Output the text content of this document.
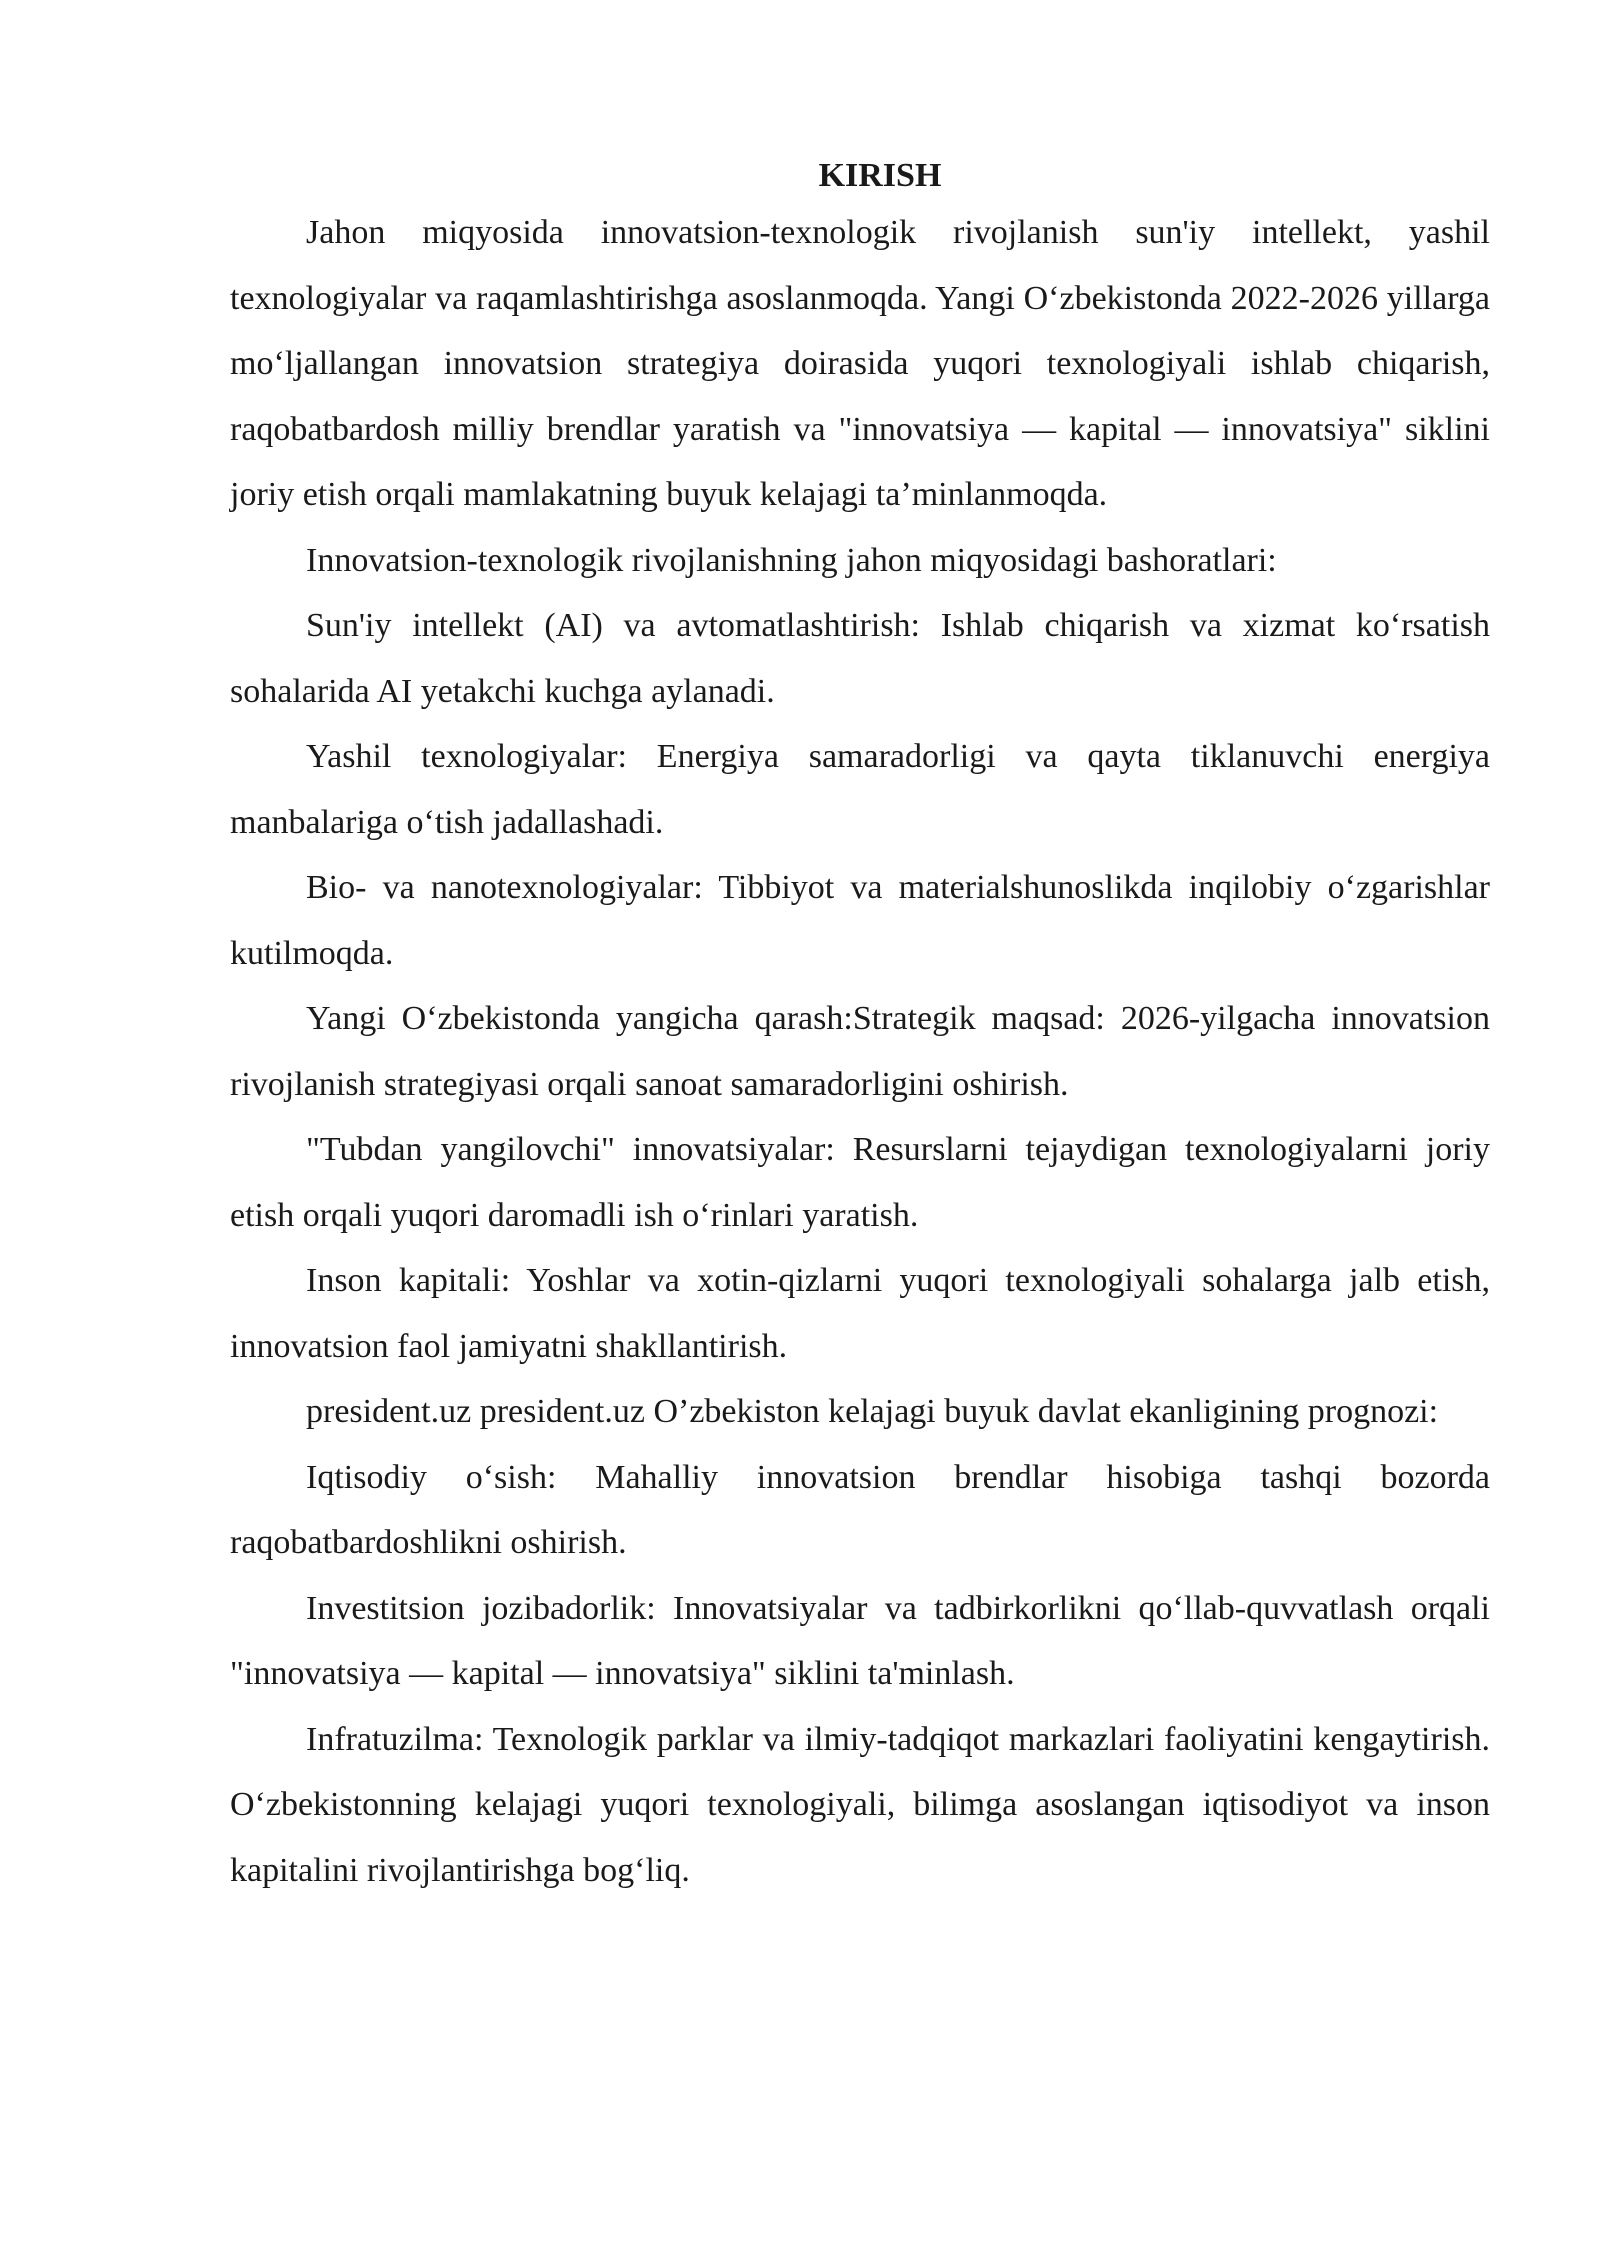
KIRISH

Jahon miqyosida innovatsion-texnologik rivojlanish sun'iy intellekt, yashil texnologiyalar va raqamlashtirishga asoslanmoqda. Yangi O‘zbekistonda 2022-2026 yillarga mo‘ljallangan innovatsion strategiya doirasida yuqori texnologiyali ishlab chiqarish, raqobatbardosh milliy brendlar yaratish va "innovatsiya — kapital — innovatsiya" siklini joriy etish orqali mamlakatning buyuk kelajagi ta’minlanmoqda.

Innovatsion-texnologik rivojlanishning jahon miqyosidagi bashoratlari:

Sun'iy intellekt (AI) va avtomatlashtirish: Ishlab chiqarish va xizmat ko‘rsatish sohalarida AI yetakchi kuchga aylanadi.

Yashil texnologiyalar: Energiya samaradorligi va qayta tiklanuvchi energiya manbalariga o‘tish jadallashadi.

Bio- va nanotexnologiyalar: Tibbiyot va materialshunoslikda inqilobiy o‘zgarishlar kutilmoqda.

Yangi O‘zbekistonda yangicha qarash:Strategik maqsad: 2026-yilgacha innovatsion rivojlanish strategiyasi orqali sanoat samaradorligini oshirish.

"Tubdan yangilovchi" innovatsiyalar: Resurslarni tejaydigan texnologiyalarni joriy etish orqali yuqori daromadli ish o‘rinlari yaratish.

Inson kapitali: Yoshlar va xotin-qizlarni yuqori texnologiyali sohalarga jalb etish, innovatsion faol jamiyatni shakllantirish.

president.uz president.uz O’zbekiston kelajagi buyuk davlat ekanligining prognozi:

Iqtisodiy o‘sish: Mahalliy innovatsion brendlar hisobiga tashqi bozorda raqobatbardoshlikni oshirish.

Investitsion jozibadorlik: Innovatsiyalar va tadbirkorlikni qo‘llab-quvvatlash orqali "innovatsiya — kapital — innovatsiya" siklini ta'minlash.

Infratuzilma: Texnologik parklar va ilmiy-tadqiqot markazlari faoliyatini kengaytirish. O‘zbekistonning kelajagi yuqori texnologiyali, bilimga asoslangan iqtisodiyot va inson kapitalini rivojlantirishga bog‘liq.
